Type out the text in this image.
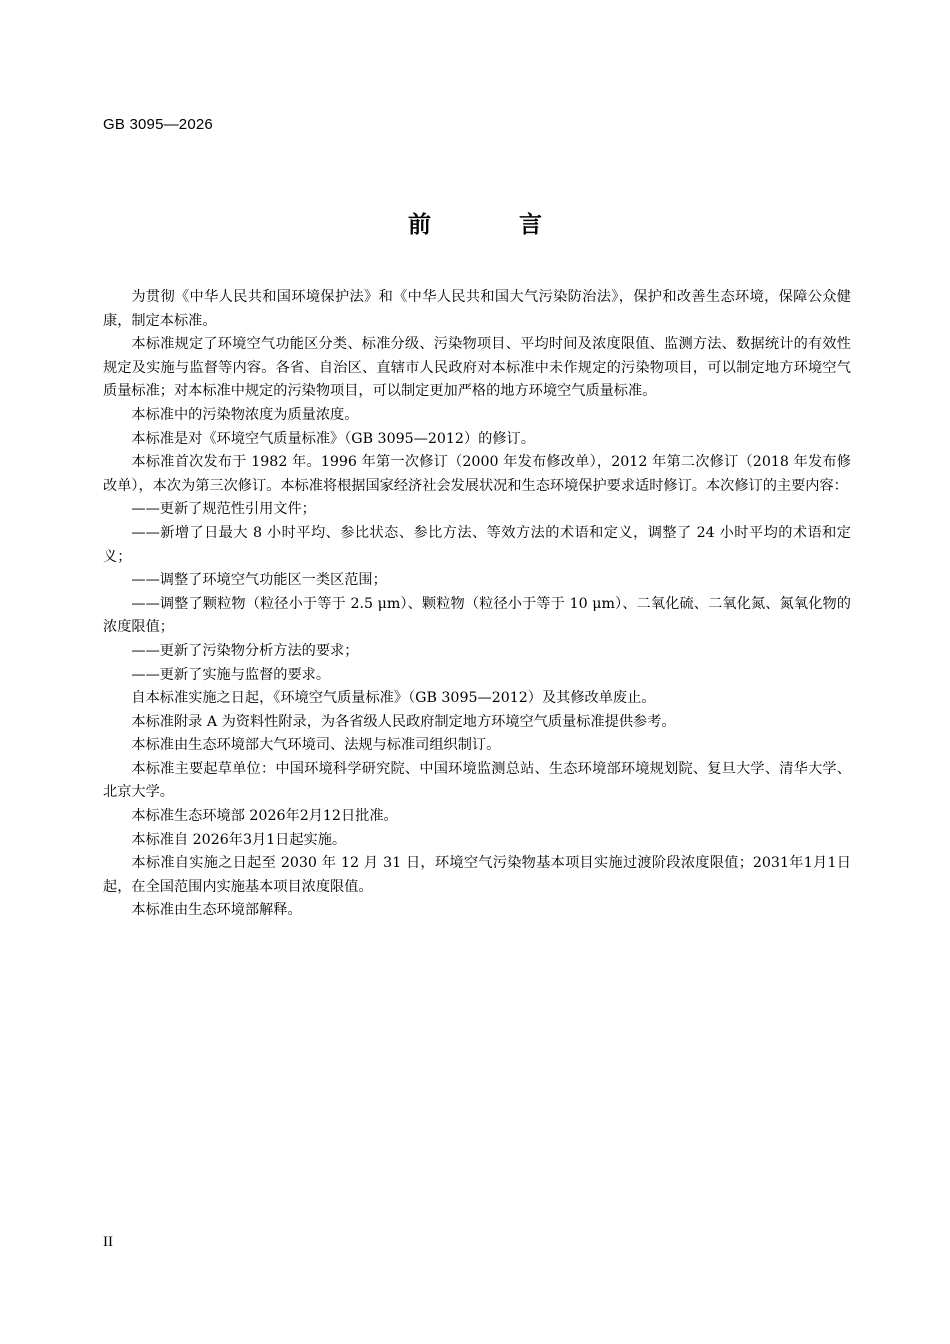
GB 3095—2026
前 言

为贯彻《中华人民共和国环境保护法》和《中华人民共和国大气污染防治法》，保护和改善生态环境，保障公众健康，制定本标准。

本标准规定了环境空气功能区分类、标准分级、污染物项目、平均时间及浓度限值、监测方法、数据统计的有效性规定及实施与监督等内容。各省、自治区、直辖市人民政府对本标准中未作规定的污染物项目，可以制定地方环境空气质量标准；对本标准中规定的污染物项目，可以制定更加严格的地方环境空气质量标准。

本标准中的污染物浓度为质量浓度。

本标准是对《环境空气质量标准》（GB 3095—2012）的修订。

本标准首次发布于 1982 年。1996 年第一次修订（2000 年发布修改单），2012 年第二次修订（2018 年发布修改单），本次为第三次修订。本标准将根据国家经济社会发展状况和生态环境保护要求适时修订。本次修订的主要内容：

——更新了规范性引用文件；

——新增了日最大 8 小时平均、参比状态、参比方法、等效方法的术语和定义，调整了 24 小时平均的术语和定义；

——调整了环境空气功能区一类区范围；

——调整了颗粒物（粒径小于等于 2.5 μm）、颗粒物（粒径小于等于 10 μm）、二氧化硫、二氧化氮、氮氧化物的浓度限值；

——更新了污染物分析方法的要求；

——更新了实施与监督的要求。

自本标准实施之日起，《环境空气质量标准》（GB 3095—2012）及其修改单废止。

本标准附录 A 为资料性附录，为各省级人民政府制定地方环境空气质量标准提供参考。

本标准由生态环境部大气环境司、法规与标准司组织制订。

本标准主要起草单位：中国环境科学研究院、中国环境监测总站、生态环境部环境规划院、复旦大学、清华大学、北京大学。

本标准生态环境部 2026年2月12日批准。

本标准自 2026年3月1日起实施。

本标准自实施之日起至 2030 年 12 月 31 日，环境空气污染物基本项目实施过渡阶段浓度限值；2031年1月1日起，在全国范围内实施基本项目浓度限值。

本标准由生态环境部解释。

II
